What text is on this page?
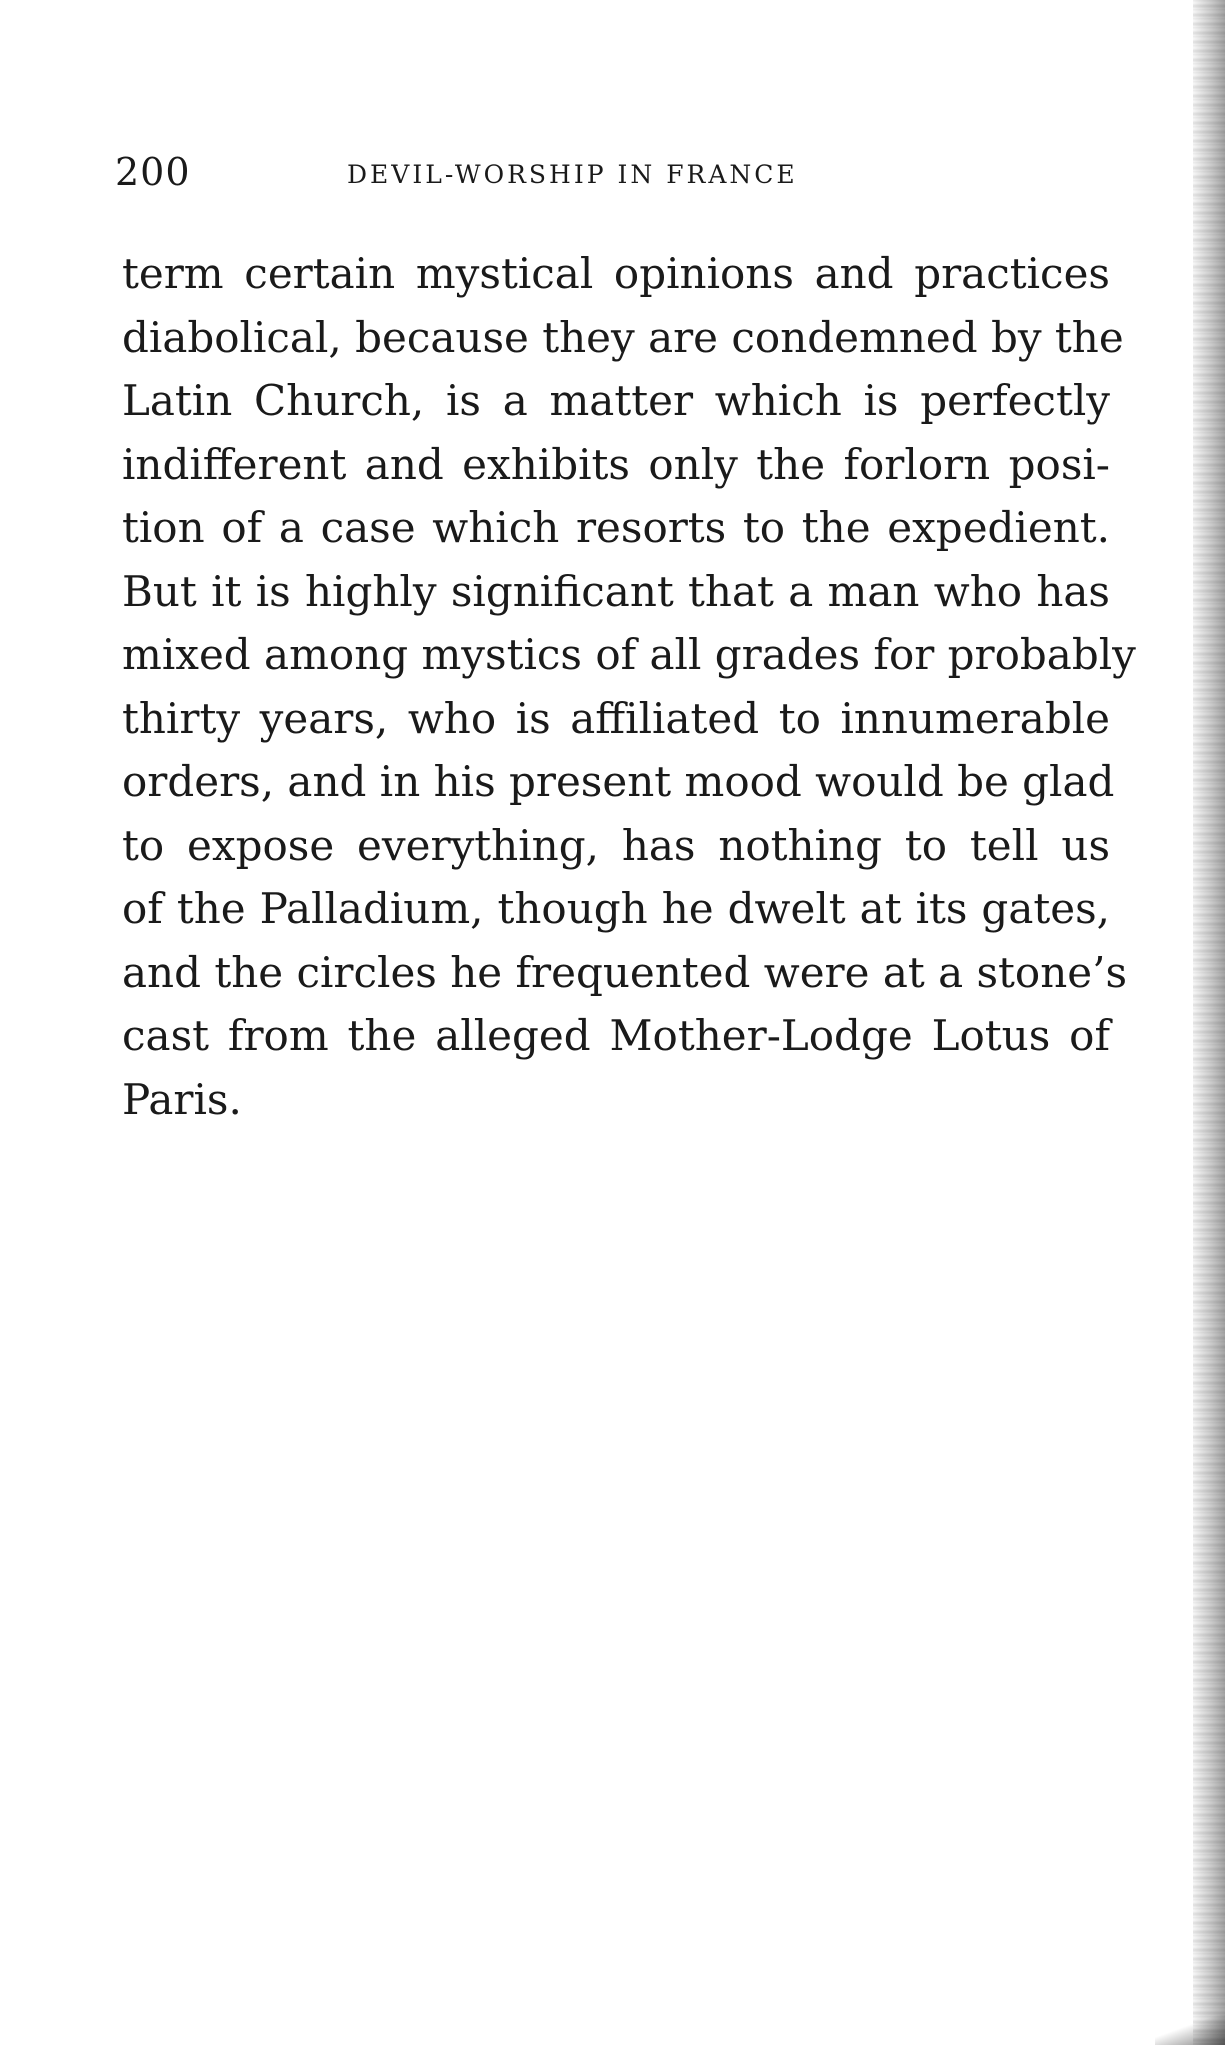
200	DEVIL-WORSHIP IN FRANCE
term certain mystical opinions and practices
diabolical, because they are condemned by the
Latin Church, is a matter which is perfectly
indifferent and exhibits only the forlorn posi-
tion of a case which resorts to the expedient.
But it is highly significant that a man who has
mixed among mystics of all grades for probably
thirty years, who is affiliated to innumerable
orders, and in his present mood would be glad
to expose everything, has nothing to tell us
of the Palladium, though he dwelt at its gates,
and the circles he frequented were at a stone’s
cast from the alleged Mother-Lodge Lotus of
Paris.
